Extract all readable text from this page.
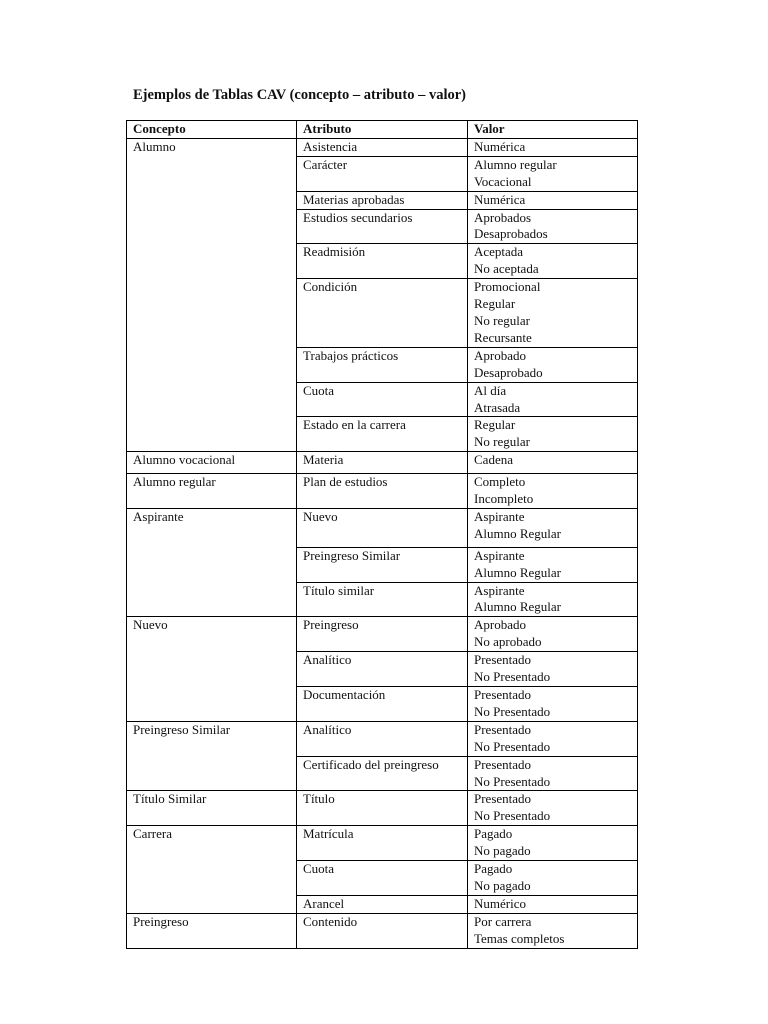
Ejemplos de Tablas CAV (concepto – atributo – valor)
Concepto	Atributo	Valor
Alumno	Asistencia	Numérica

	Carácter	Alumno regular
Vocacional

	Materias aprobadas	Numérica

	Estudios secundarios	Aprobados
Desaprobados

	Readmisión	Aceptada
No aceptada

	Condición	Promocional
Regular
No regular
Recursante

	Trabajos prácticos	Aprobado
Desaprobado

	Cuota	Al día
Atrasada

	Estado en la carrera	Regular
No regular

Alumno vocacional	Materia	Cadena

Alumno regular	Plan de estudios	Completo
Incompleto

Aspirante	Nuevo	Aspirante
Alumno Regular

	Preingreso Similar	Aspirante
Alumno Regular

	Título similar	Aspirante
Alumno Regular

Nuevo	Preingreso	Aprobado
No aprobado

	Analítico	Presentado
No Presentado

	Documentación	Presentado
No Presentado

Preingreso Similar	Analítico	Presentado
No Presentado

	Certificado del preingreso	Presentado
No Presentado

Título Similar	Título	Presentado
No Presentado

Carrera	Matrícula	Pagado
No pagado

	Cuota	Pagado
No pagado

	Arancel	Numérico

Preingreso	Contenido	Por carrera
Temas completos
